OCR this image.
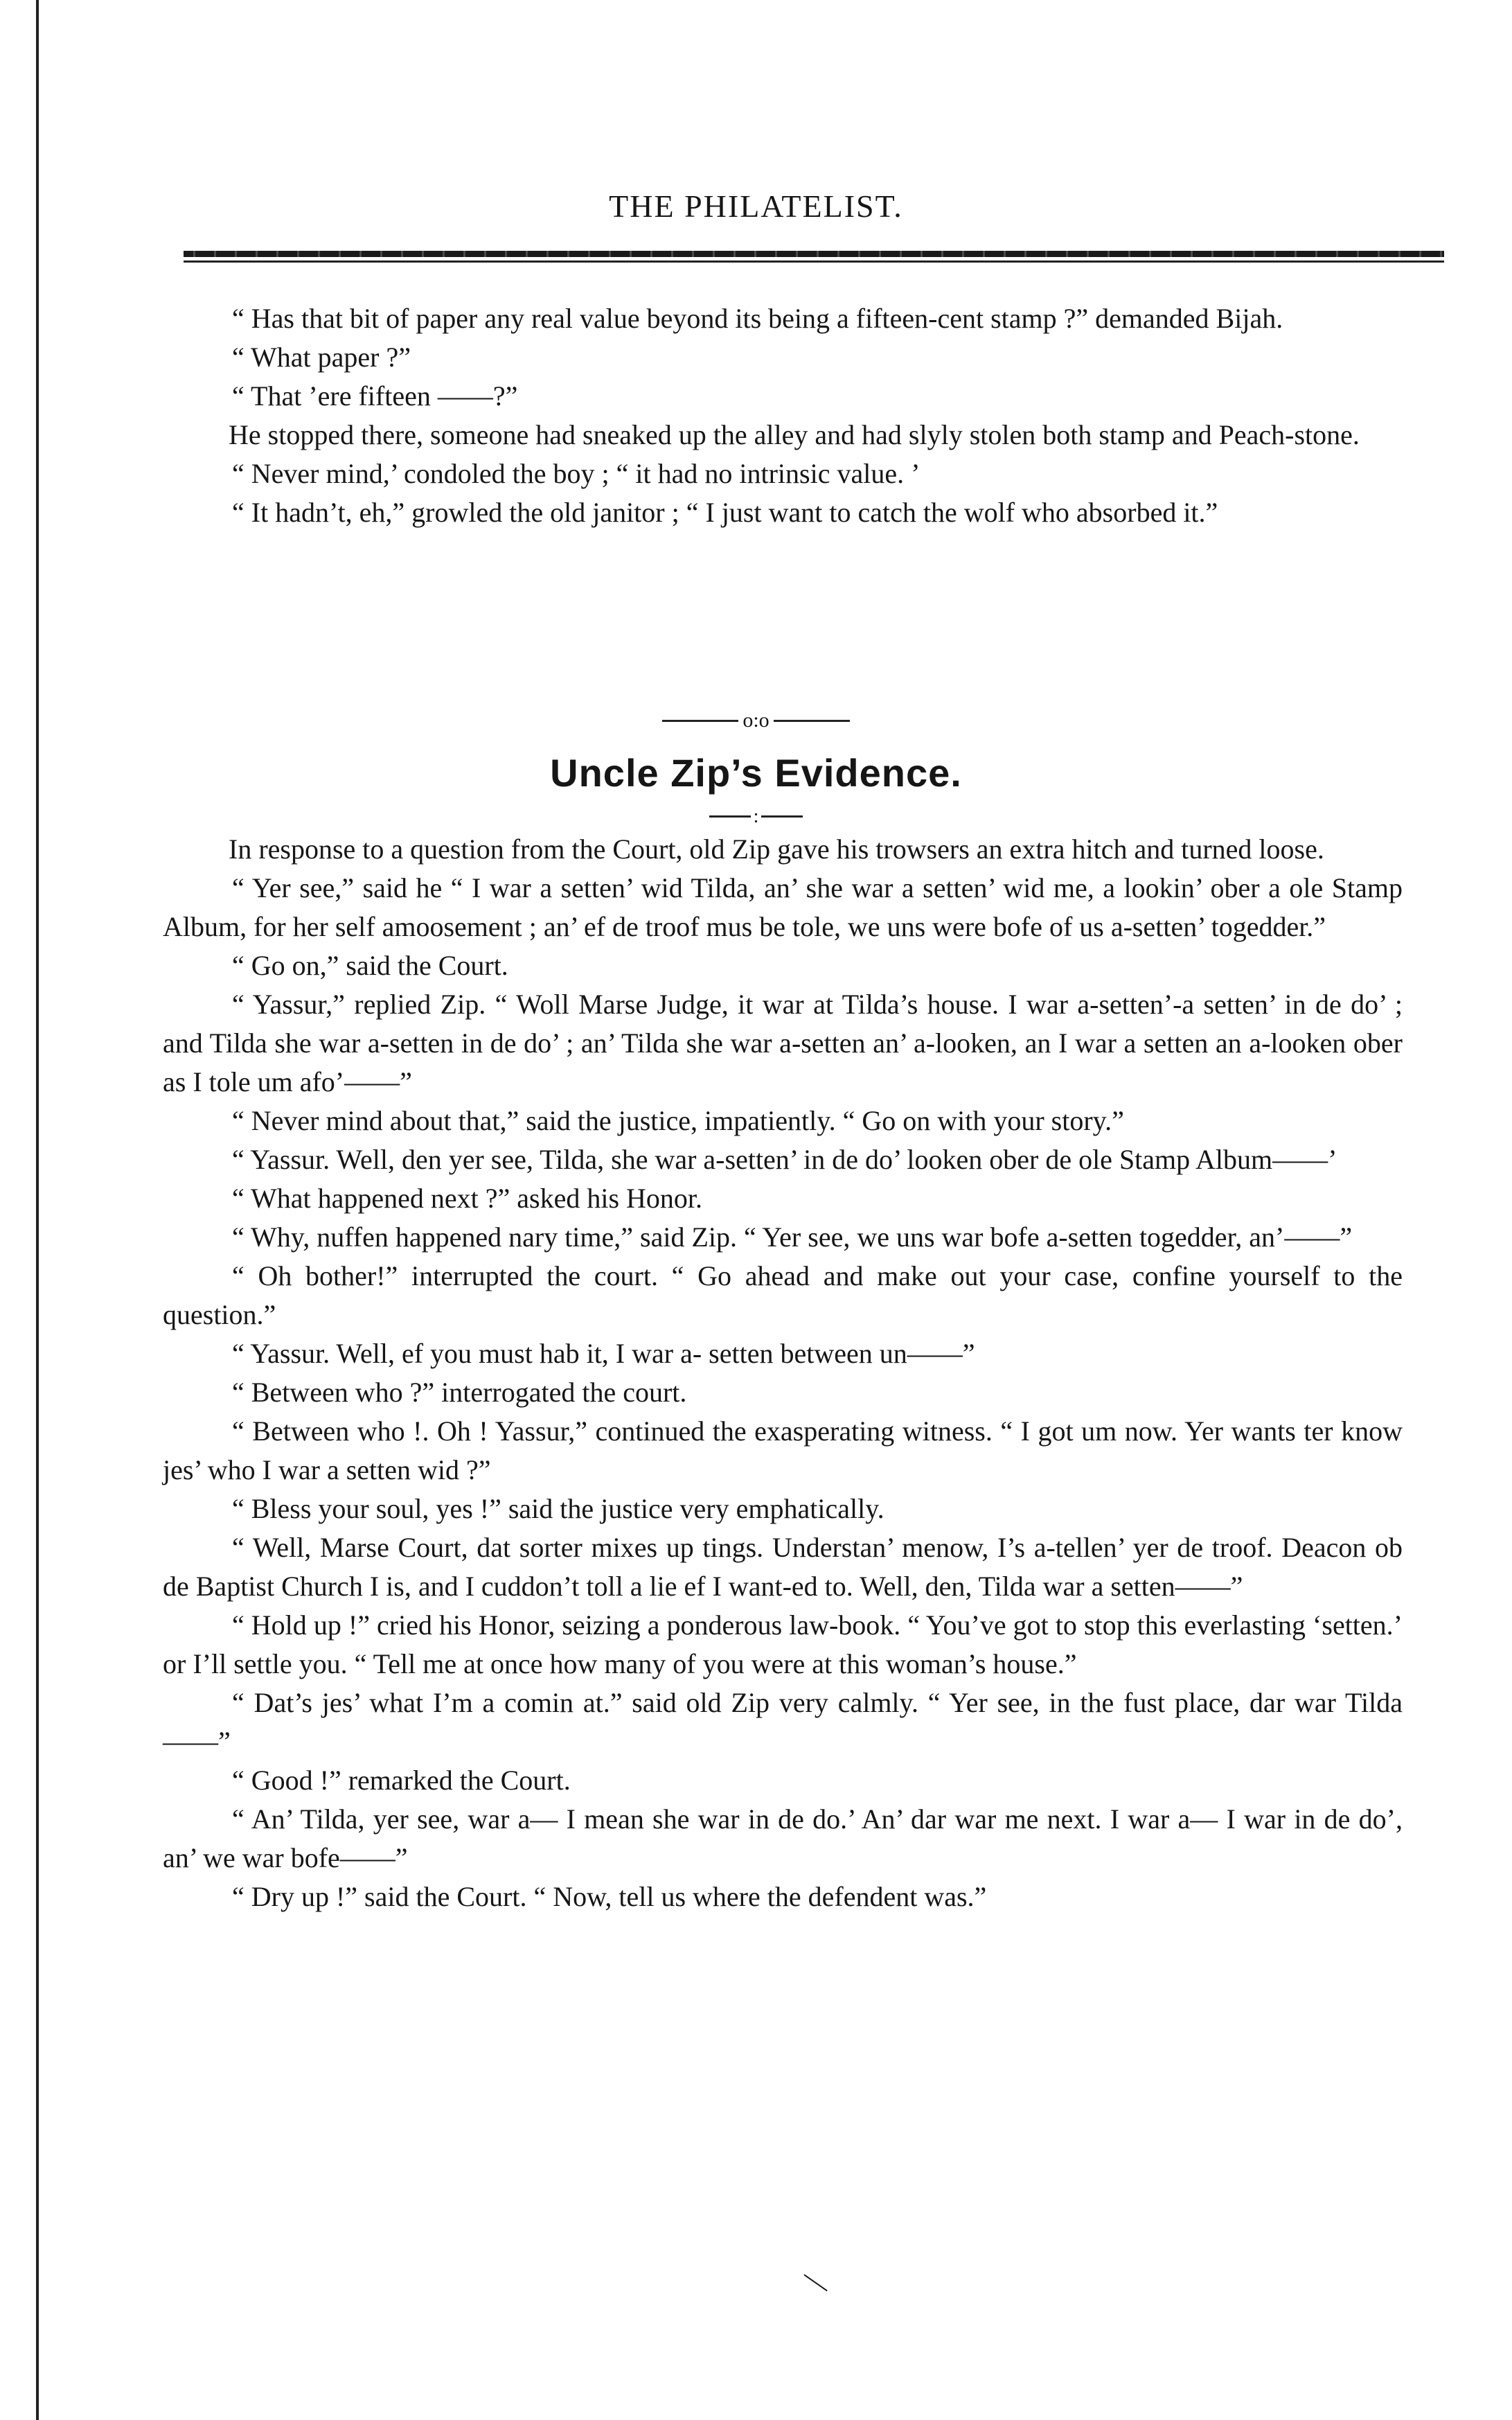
THE PHILATELIST.

“ Has that bit of paper any real value beyond its being a fifteen-cent stamp ?” demanded Bijah.

“ What paper ?”

“ That ’ere fifteen ——?”

He stopped there, someone had sneaked up the alley and had slyly stolen both stamp and Peach-stone.

“ Never mind,’ condoled the boy ; “ it had no intrinsic value. ’

“ It hadn’t, eh,” growled the old janitor ; “ I just want to catch the wolf who absorbed it.”

o:o
Uncle Zip’s Evidence.
:

In response to a question from the Court, old Zip gave his trowsers an extra hitch and turned loose.

“ Yer see,” said he “ I war a setten’ wid Tilda, an’ she war a setten’ wid me, a lookin’ ober a ole Stamp Album, for her self amoosement ; an’ ef de troof mus be tole, we uns were bofe of us a-setten’ togedder.”

“ Go on,” said the Court.

“ Yassur,” replied Zip. “ Woll Marse Judge, it war at Tilda’s house. I war a-setten’-a setten’ in de do’ ; and Tilda she war a-setten in de do’ ; an’ Tilda she war a-setten an’ a-looken, an I war a setten an a-looken ober as I tole um afo’——”

“ Never mind about that,” said the justice, impatiently. “ Go on with your story.”

“ Yassur. Well, den yer see, Tilda, she war a-setten’ in de do’ looken ober de ole Stamp Album——’

“ What happened next ?” asked his Honor.

“ Why, nuffen happened nary time,” said Zip. “ Yer see, we uns war bofe a-setten togedder, an’——”

“ Oh bother!” interrupted the court. “ Go ahead and make out your case, confine yourself to the question.”

“ Yassur. Well, ef you must hab it, I war a- setten between un——”

“ Between who ?” interrogated the court.

“ Between who !. Oh ! Yassur,” continued the exasperating witness. “ I got um now. Yer wants ter know jes’ who I war a setten wid ?”

“ Bless your soul, yes !” said the justice very emphatically.

“ Well, Marse Court, dat sorter mixes up tings. Understan’ menow, I’s a-tellen’ yer de troof. Deacon ob de Baptist Church I is, and I cuddon’t toll a lie ef I want-ed to. Well, den, Tilda war a setten——”

“ Hold up !” cried his Honor, seizing a ponderous law-book. “ You’ve got to stop this everlasting ‘setten.’ or I’ll settle you. “ Tell me at once how many of you were at this woman’s house.”

“ Dat’s jes’ what I’m a comin at.” said old Zip very calmly. “ Yer see, in the fust place, dar war Tilda——”

“ Good !” remarked the Court.

“ An’ Tilda, yer see, war a— I mean she war in de do.’ An’ dar war me next. I war a— I war in de do’, an’ we war bofe——”

“ Dry up !” said the Court. “ Now, tell us where the defendent was.”

—
